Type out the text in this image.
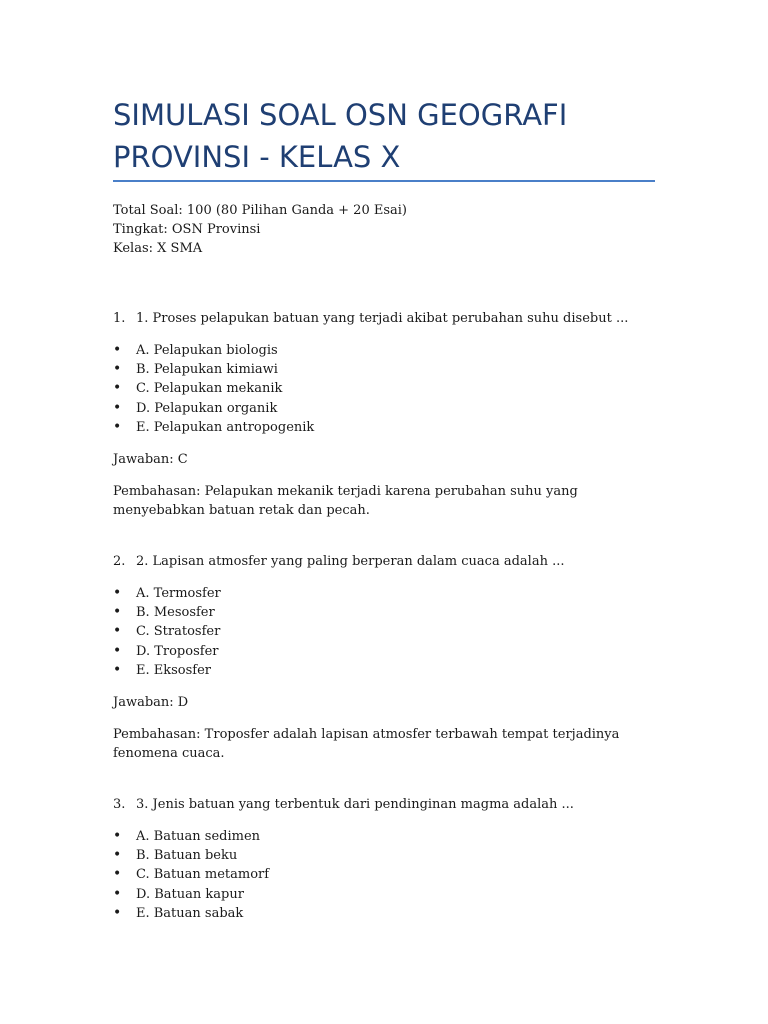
SIMULASI SOAL OSN GEOGRAFI PROVINSI - KELAS X
Total Soal: 100 (80 Pilihan Ganda + 20 Esai)
Tingkat: OSN Provinsi
Kelas: X SMA
1. 1. Proses pelapukan batuan yang terjadi akibat perubahan suhu disebut ...
•	A. Pelapukan biologis
•	B. Pelapukan kimiawi
•	C. Pelapukan mekanik
•	D. Pelapukan organik
•	E. Pelapukan antropogenik
Jawaban: C
Pembahasan: Pelapukan mekanik terjadi karena perubahan suhu yang menyebabkan batuan retak dan pecah.
2. 2. Lapisan atmosfer yang paling berperan dalam cuaca adalah ...
•	A. Termosfer
•	B. Mesosfer
•	C. Stratosfer
•	D. Troposfer
•	E. Eksosfer
Jawaban: D
Pembahasan: Troposfer adalah lapisan atmosfer terbawah tempat terjadinya fenomena cuaca.
3. 3. Jenis batuan yang terbentuk dari pendinginan magma adalah ...
•	A. Batuan sedimen
•	B. Batuan beku
•	C. Batuan metamorf
•	D. Batuan kapur
•	E. Batuan sabak
